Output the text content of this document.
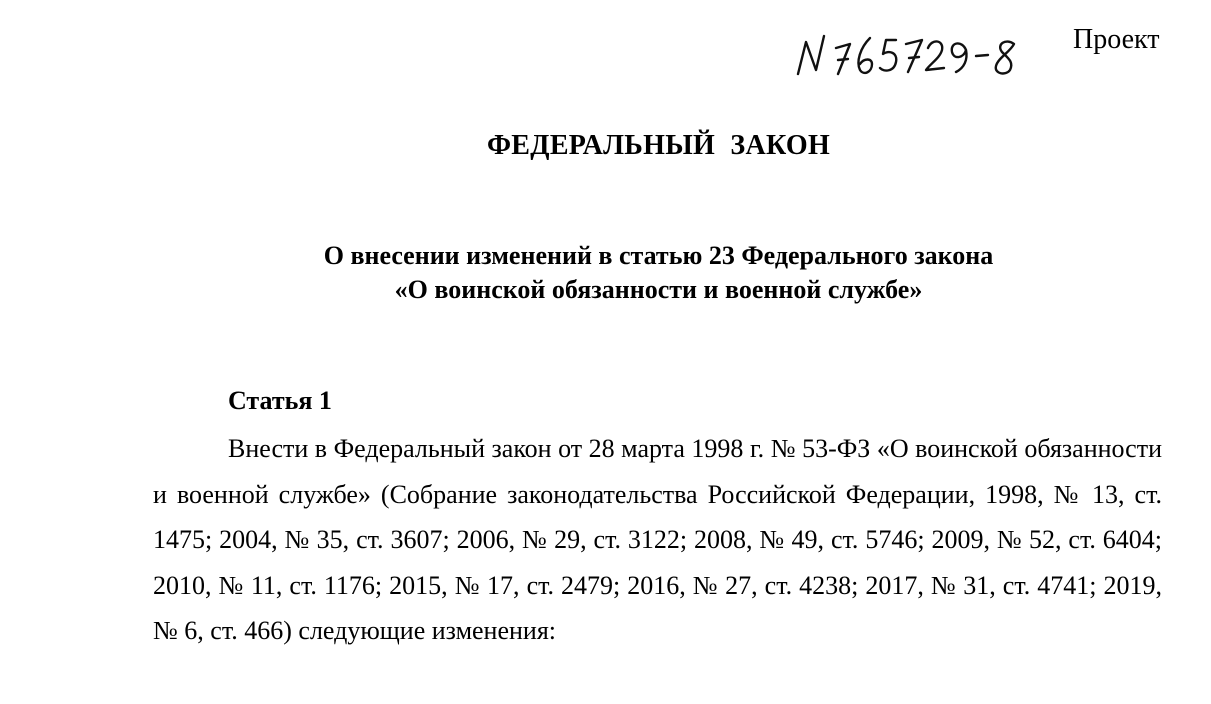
Проект
ФЕДЕРАЛЬНЫЙ ЗАКОН
О внесении изменений в статью 23 Федерального закона
«О воинской обязанности и военной службе»
Статья 1

Внести в Федеральный закон от 28 марта 1998 г. № 53-ФЗ «О воинской обязанности и военной службе» (Собрание законодательства Российской Федерации, 1998, № 13, ст. 1475; 2004, № 35, ст. 3607; 2006, № 29, ст. 3122; 2008, № 49, ст. 5746; 2009, № 52, ст. 6404; 2010, № 11, ст. 1176; 2015, № 17, ст. 2479; 2016, № 27, ст. 4238; 2017, № 31, ст. 4741; 2019, № 6, ст. 466) следующие изменения:
